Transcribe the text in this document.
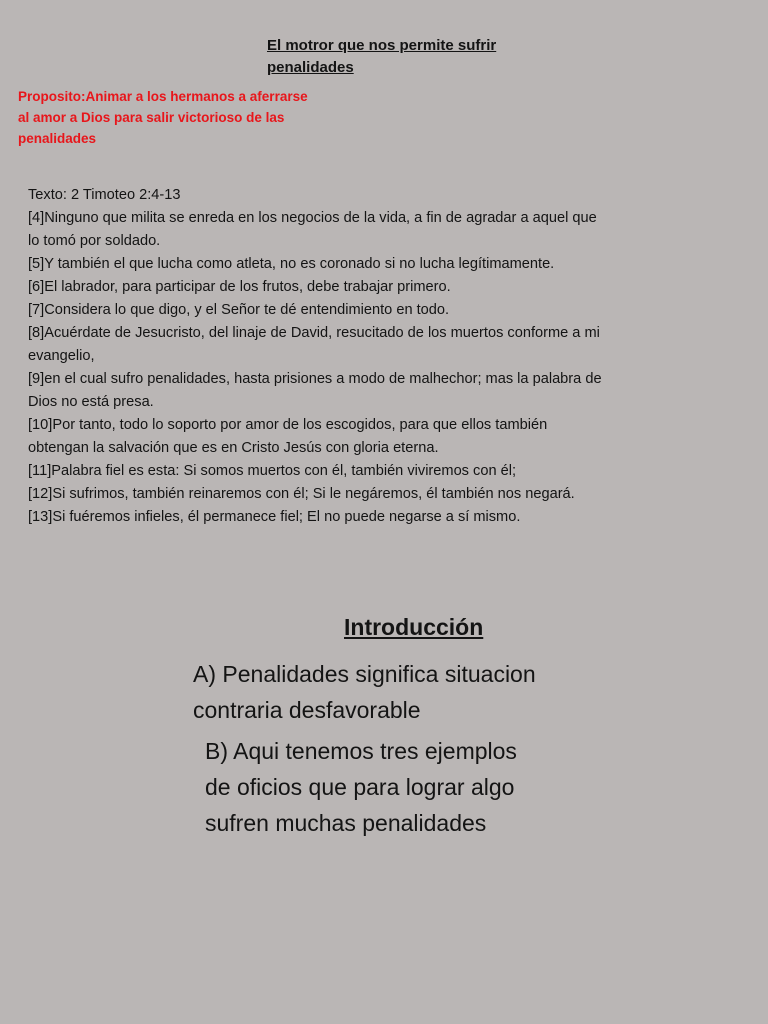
El motror que nos permite sufrir
penalidades

Proposito:Animar a los hermanos a aferrarse
al amor a Dios para salir victorioso de las
penalidades

Texto: 2 Timoteo 2:4-13
[4]Ninguno que milita se enreda en los negocios de la vida, a fin de agradar a aquel que
lo tomó por soldado.
[5]Y también el que lucha como atleta, no es coronado si no lucha legítimamente.
[6]El labrador, para participar de los frutos, debe trabajar primero.
[7]Considera lo que digo, y el Señor te dé entendimiento en todo.
[8]Acuérdate de Jesucristo, del linaje de David, resucitado de los muertos conforme a mi
evangelio,
[9]en el cual sufro penalidades, hasta prisiones a modo de malhechor; mas la palabra de
Dios no está presa.
[10]Por tanto, todo lo soporto por amor de los escogidos, para que ellos también
obtengan la salvación que es en Cristo Jesús con gloria eterna.
[11]Palabra fiel es esta: Si somos muertos con él, también viviremos con él;
[12]Si sufrimos, también reinaremos con él; Si le negáremos, él también nos negará.
[13]Si fuéremos infieles, él permanece fiel; El no puede negarse a sí mismo.
Introducción
A) Penalidades significa situacion
contraria desfavorable
B) Aqui tenemos tres ejemplos
de oficios que para lograr algo
sufren muchas penalidades
